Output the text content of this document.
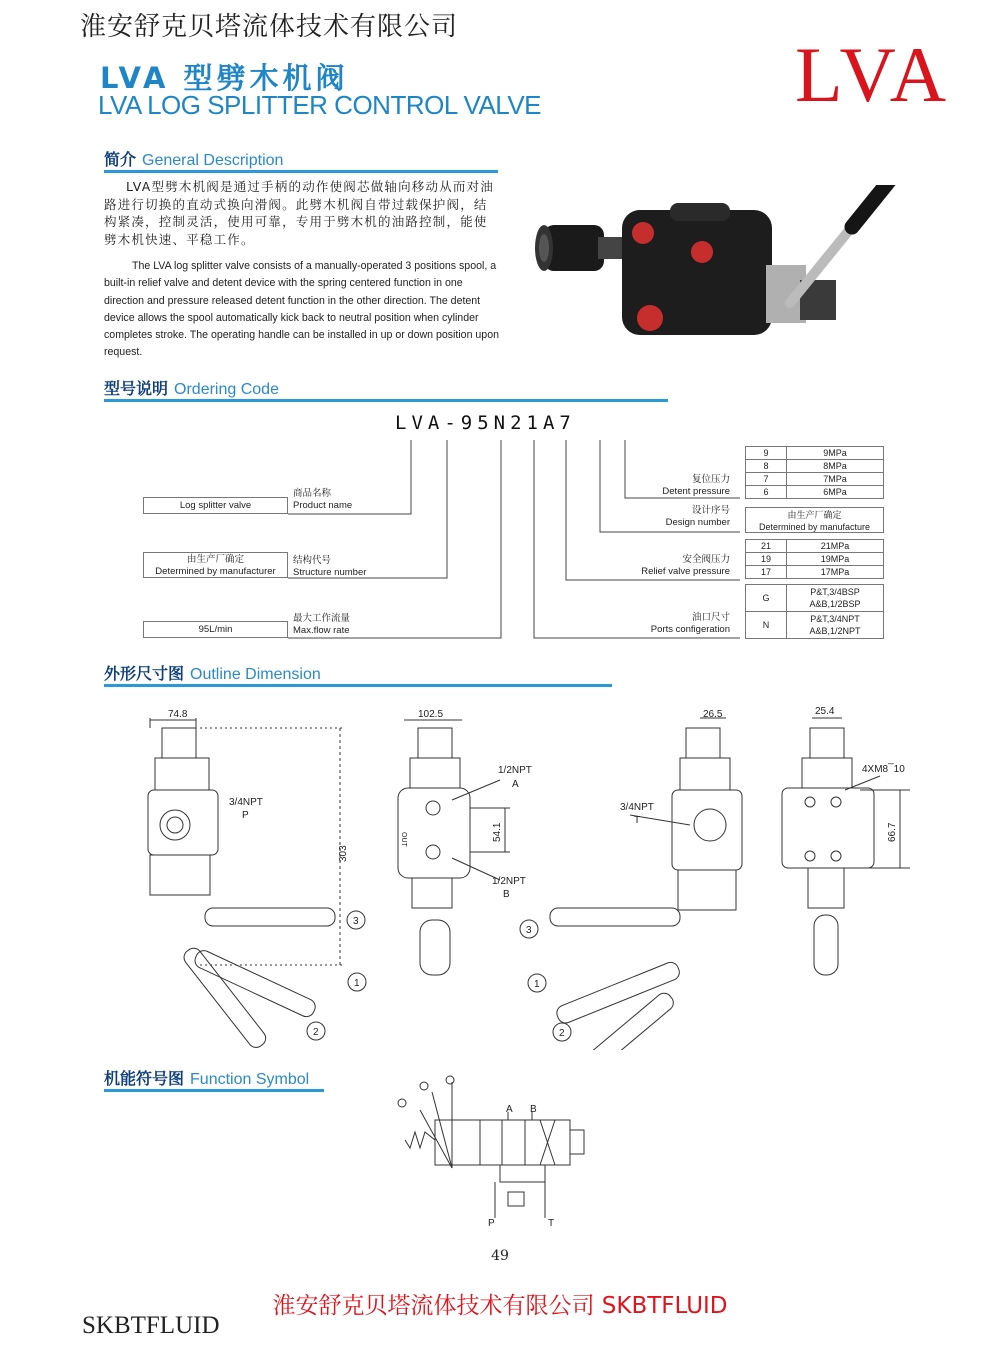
淮安舒克贝塔流体技术有限公司
LVA
LVA 型劈木机阀
LVA LOG SPLITTER CONTROL VALVE
简介 General Description
LVA型劈木机阀是通过手柄的动作使阀芯做轴向移动从而对油路进行切换的直动式换向滑阀。此劈木机阀自带过载保护阀，结构紧凑，控制灵活，使用可靠，专用于劈木机的油路控制，能使劈木机快速、平稳工作。
The LVA log splitter valve consists of a manually-operated 3 positions spool, a built-in relief valve and detent device with the spring centered function in one direction and pressure released detent function in the other direction. The detent device allows the spool automatically kick back to neutral position when cylinder completes stroke. The operating handle can be installed in up or down position upon request.
型号说明 Ordering Code
LVA-95N21A7
商品名称
Product name
Log splitter valve
结构代号
Structure number
由生产厂确定
Determined by manufacturer
最大工作流量
Max.flow rate
95L/min
复位压力
Detent pressure
9	9MPa
8	8MPa
7	7MPa
6	6MPa
设计序号
Design number
由生产厂确定
Determined by manufacture
安全阀压力
Relief valve pressure
21	21MPa
19	19MPa
17	17MPa
油口尺寸
Ports configeration
G	P&T,3/4BSP
A&B,1/2BSP

N	P&T,3/4NPT
A&B,1/2NPT
外形尺寸图 Outline Dimension
74.8	102.5	26.5	25.4
303
54.1	66.7
3/4NPT
P
1/2NPT
A
1/2NPT
B
3/4NPT
T
4XM8 ̅ 10
OUT
3
1
2
3
1
2
机能符号图 Function Symbol
A B
P	T
49
淮安舒克贝塔流体技术有限公司 SKBTFLUID
SKBTFLUID
